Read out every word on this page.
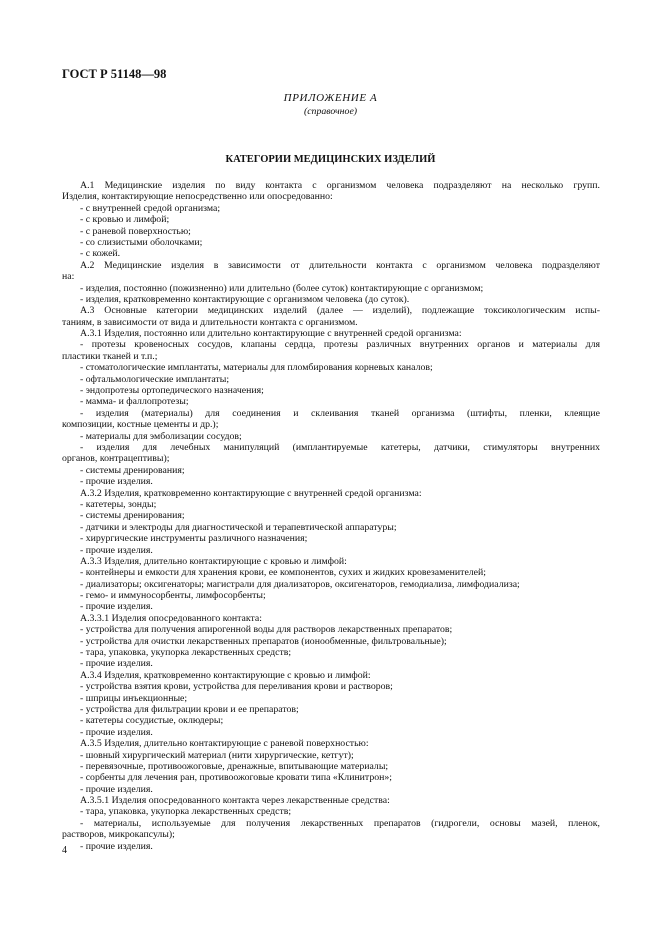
ГОСТ Р 51148—98
ПРИЛОЖЕНИЕ А
(справочное)
КАТЕГОРИИ МЕДИЦИНСКИХ ИЗДЕЛИЙ
A.1 Медицинские изделия по виду контакта с организмом человека подразделяют на несколько групп.
Изделия, контактирующие непосредственно или опосредованно:
- с внутренней средой организма;
- с кровью и лимфой;
- с раневой поверхностью;
- со слизистыми оболочками;
- с кожей.
A.2 Медицинские изделия в зависимости от длительности контакта с организмом человека подразделяют
на:
- изделия, постоянно (пожизненно) или длительно (более суток) контактирующие с организмом;
- изделия, кратковременно контактирующие с организмом человека (до суток).
A.3 Основные категории медицинских изделий (далее — изделий), подлежащие токсикологическим испы-
таниям, в зависимости от вида и длительности контакта с организмом.
A.3.1 Изделия, постоянно или длительно контактирующие с внутренней средой организма:
- протезы кровеносных сосудов, клапаны сердца, протезы различных внутренних органов и материалы для
пластики тканей и т.п.;
- стоматологические имплантаты, материалы для пломбирования корневых каналов;
- офтальмологические имплантаты;
- эндопротезы ортопедического назначения;
- мамма- и фаллопротезы;
- изделия (материалы) для соединения и склеивания тканей организма (штифты, пленки, клеящие
композиции, костные цементы и др.);
- материалы для эмболизации сосудов;
- изделия для лечебных манипуляций (имплантируемые катетеры, датчики, стимуляторы внутренних
органов, контрацептивы);
- системы дренирования;
- прочие изделия.
A.3.2 Изделия, кратковременно контактирующие с внутренней средой организма:
- катетеры, зонды;
- системы дренирования;
- датчики и электроды для диагностической и терапевтической аппаратуры;
- хирургические инструменты различного назначения;
- прочие изделия.
A.3.3 Изделия, длительно контактирующие с кровью и лимфой:
- контейнеры и емкости для хранения крови, ее компонентов, сухих и жидких кровезаменителей;
- диализаторы; оксигенаторы; магистрали для диализаторов, оксигенаторов, гемодиализа, лимфодиализа;
- гемо- и иммуносорбенты, лимфосорбенты;
- прочие изделия.
A.3.3.1 Изделия опосредованного контакта:
- устройства для получения апирогенной воды для растворов лекарственных препаратов;
- устройства для очистки лекарственных препаратов (ионообменные, фильтровальные);
- тара, упаковка, укупорка лекарственных средств;
- прочие изделия.
A.3.4 Изделия, кратковременно контактирующие с кровью и лимфой:
- устройства взятия крови, устройства для переливания крови и растворов;
- шприцы инъекционные;
- устройства для фильтрации крови и ее препаратов;
- катетеры сосудистые, оклюдеры;
- прочие изделия.
A.3.5 Изделия, длительно контактирующие с раневой поверхностью:
- шовный хирургический материал (нити хирургические, кетгут);
- перевязочные, противоожоговые, дренажные, впитывающие материалы;
- сорбенты для лечения ран, противоожоговые кровати типа «Клинитрон»;
- прочие изделия.
A.3.5.1 Изделия опосредованного контакта через лекарственные средства:
- тара, упаковка, укупорка лекарственных средств;
- материалы, используемые для получения лекарственных препаратов (гидрогели, основы мазей, пленок,
растворов, микрокапсулы);
- прочие изделия.
4
